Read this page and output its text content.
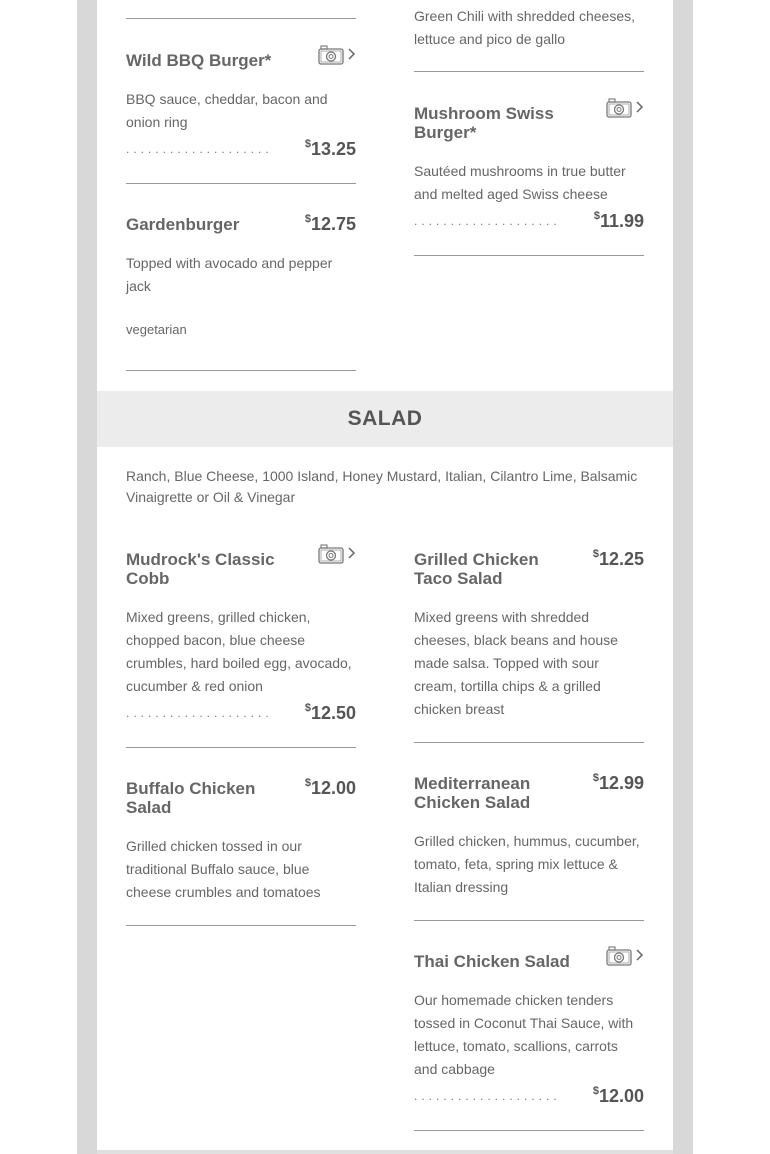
Green Chili with shredded cheeses, lettuce and pico de gallo
Wild BBQ Burger*
BBQ sauce, cheddar, bacon and onion ring
....................	$13.25
Gardenburger	$12.75
Topped with avocado and pepper jack
vegetarian
Mushroom Swiss Burger*
Sautéed mushrooms in true butter and melted aged Swiss cheese
....................	$11.99
SALAD
Ranch, Blue Cheese, 1000 Island, Honey Mustard, Italian, Cilantro Lime, Balsamic Vinaigrette or Oil & Vinegar
Mudrock's Classic Cobb
Mixed greens, grilled chicken, chopped bacon, blue cheese crumbles, hard boiled egg, avocado, cucumber & red onion
....................	$12.50
Grilled Chicken Taco Salad
$12.25
Mixed greens with shredded cheeses, black beans and house made salsa. Topped with sour cream, tortilla chips & a grilled chicken breast
Buffalo Chicken Salad
$12.00
Grilled chicken tossed in our traditional Buffalo sauce, blue cheese crumbles and tomatoes
Mediterranean Chicken Salad
$12.99
Grilled chicken, hummus, cucumber, tomato, feta, spring mix lettuce & Italian dressing
Thai Chicken Salad
Our homemade chicken tenders tossed in Coconut Thai Sauce, with lettuce, tomato, scallions, carrots and cabbage
....................	$12.00
